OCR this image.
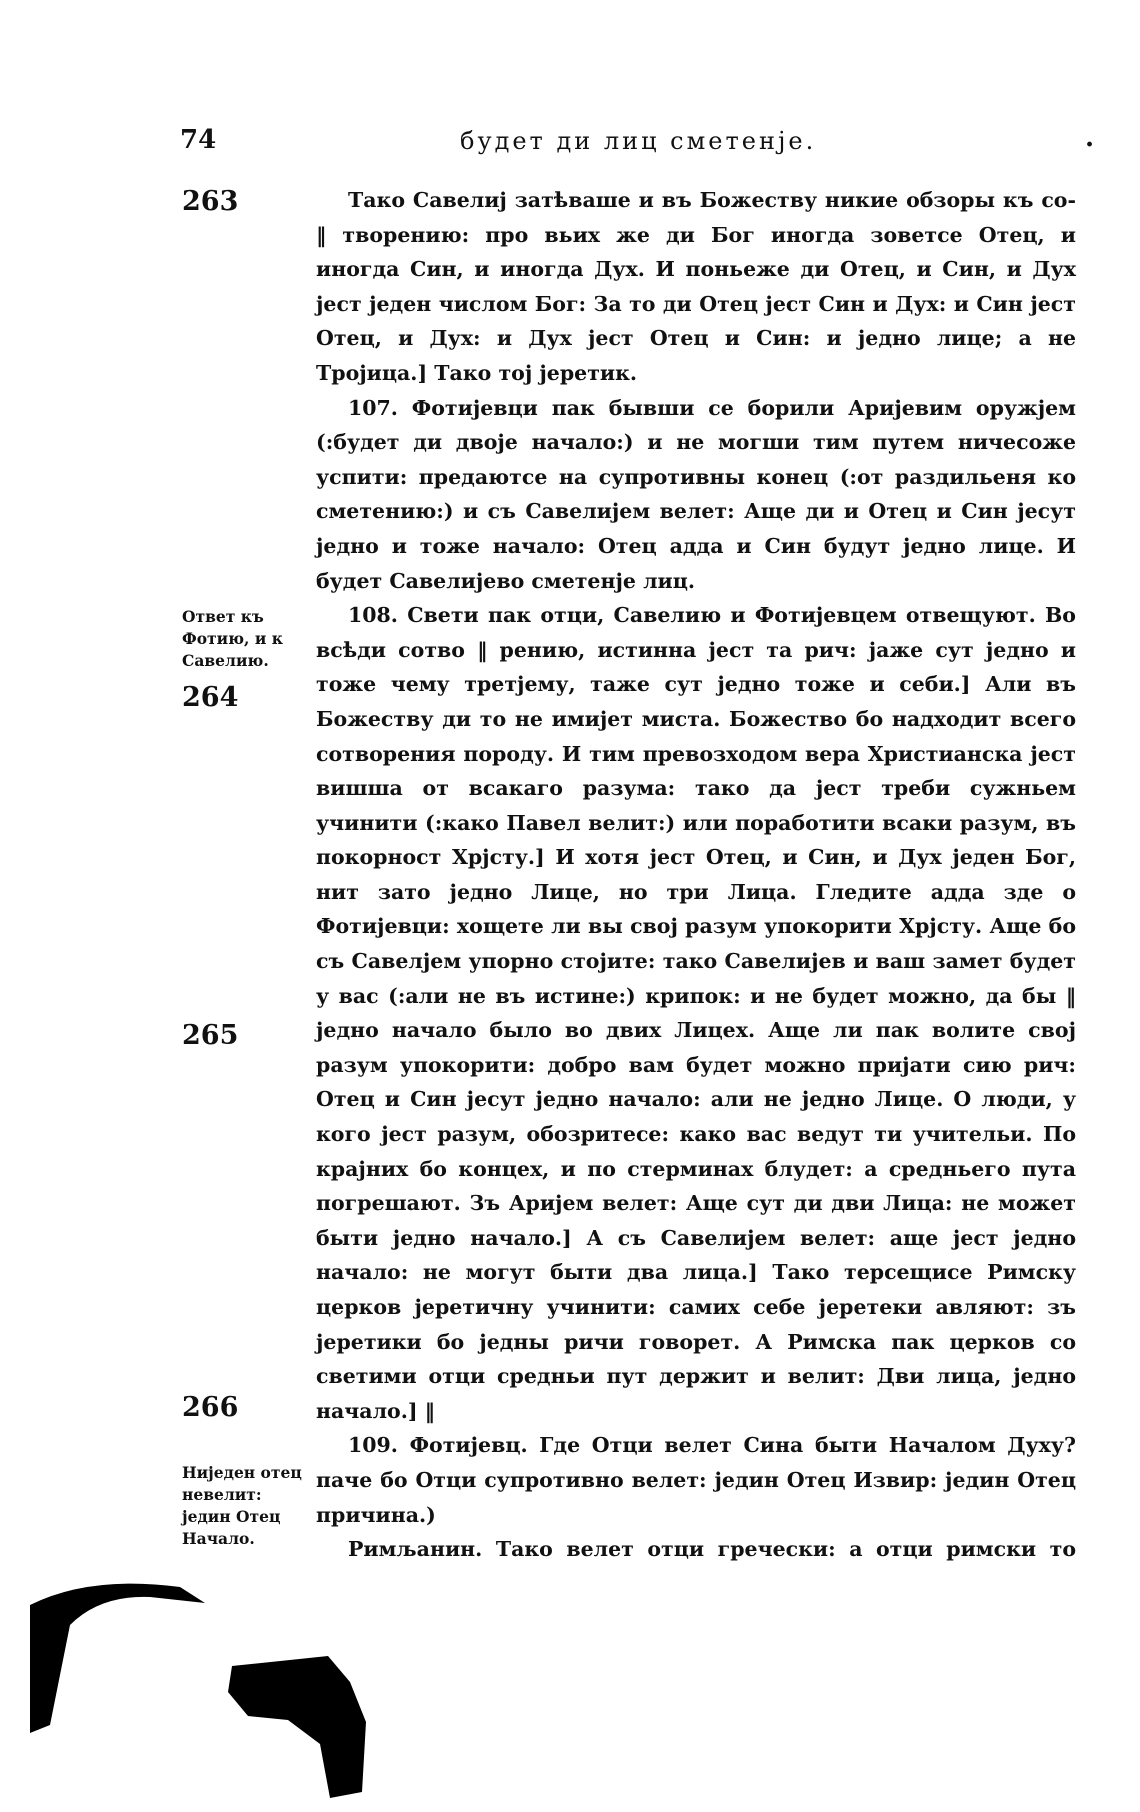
74	будет ди лиц сметенје.	.
263
Ответ къ Фотию, и к Савелию.
264
265
266
Ниједен отец невелит: једин Отец Начало.

Тако Савелиј затѣваше и въ Божеству никие обзоры къ со- ‖ творению: про вьих же ди Бог иногда зоветсе Отец, и иногда Син, и иногда Дух. И поньеже ди Отец, и Син, и Дух јест једен числом Бог: За то ди Отец јест Син и Дух: и Син јест Отец, и Дух: и Дух јест Отец и Син: и једно лице; а не Тројица.] Тако тој јеретик.

107. Фотијевци пак бывши се борили Аријевим оружјем (:будет ди двоје начало:) и не могши тим путем ничесоже успити: предаютсе на супротивны конец (:от раздильеня ко сметению:) и съ Савелијем велет: Аще ди и Отец и Син јесут једно и тоже начало: Отец адда и Син будут једно лице. И будет Савелијево сметенје лиц.

108. Свети пак отци, Савелию и Фотијевцем отвещуют. Во всѣди сотво ‖ рению, истинна јест та рич: јаже сут једно и тоже чему третјему, таже сут једно тоже и себи.] Али въ Божеству ди то не имијет миста. Божество бо надходит всего сотворения породу. И тим превозходом вера Христианска јест вишша от всакаго разума: тако да јест треби сужньем учинити (:како Павел велит:) или поработити всаки разум, въ покорност Хрјсту.] И хотя јест Отец, и Син, и Дух једен Бог, нит зато једно Лице, но три Лица. Гледите адда зде о Фотијевци: хощете ли вы свој разум упокорити Хрјсту. Аще бо съ Савелјем упорно стојите: тако Савелијев и ваш замет будет у вас (:али не въ истине:) крипок: и не будет можно, да бы ‖ једно начало было во двих Лицех. Аще ли пак волите свој разум упокорити: добро вам будет можно пријати сию рич: Отец и Син јесут једно начало: али не једно Лице. О люди, у кого јест разум, обозритесе: како вас ведут ти учительи. По крајних бо концех, и по стерминах блудет: а средньего пута погрешают. Зъ Аријем велет: Аще сут ди дви Лица: не может быти једно начало.] А съ Савелијем велет: аще јест једно начало: не могут быти два лица.] Тако терсещисе Римску церков јеретичну учинити: самих себе јеретеки авляют: зъ јеретики бо једны ричи говорет. А Римска пак церков со светими отци средньи пут держит и велит: Дви лица, једно начало.] ‖

109. Фотијевц. Где Отци велет Сина быти Началом Духу? паче бо Отци супротивно велет: једин Отец Извир: једин Отец причина.)

Римљанин. Тако велет отци гречески: а отци римски то
